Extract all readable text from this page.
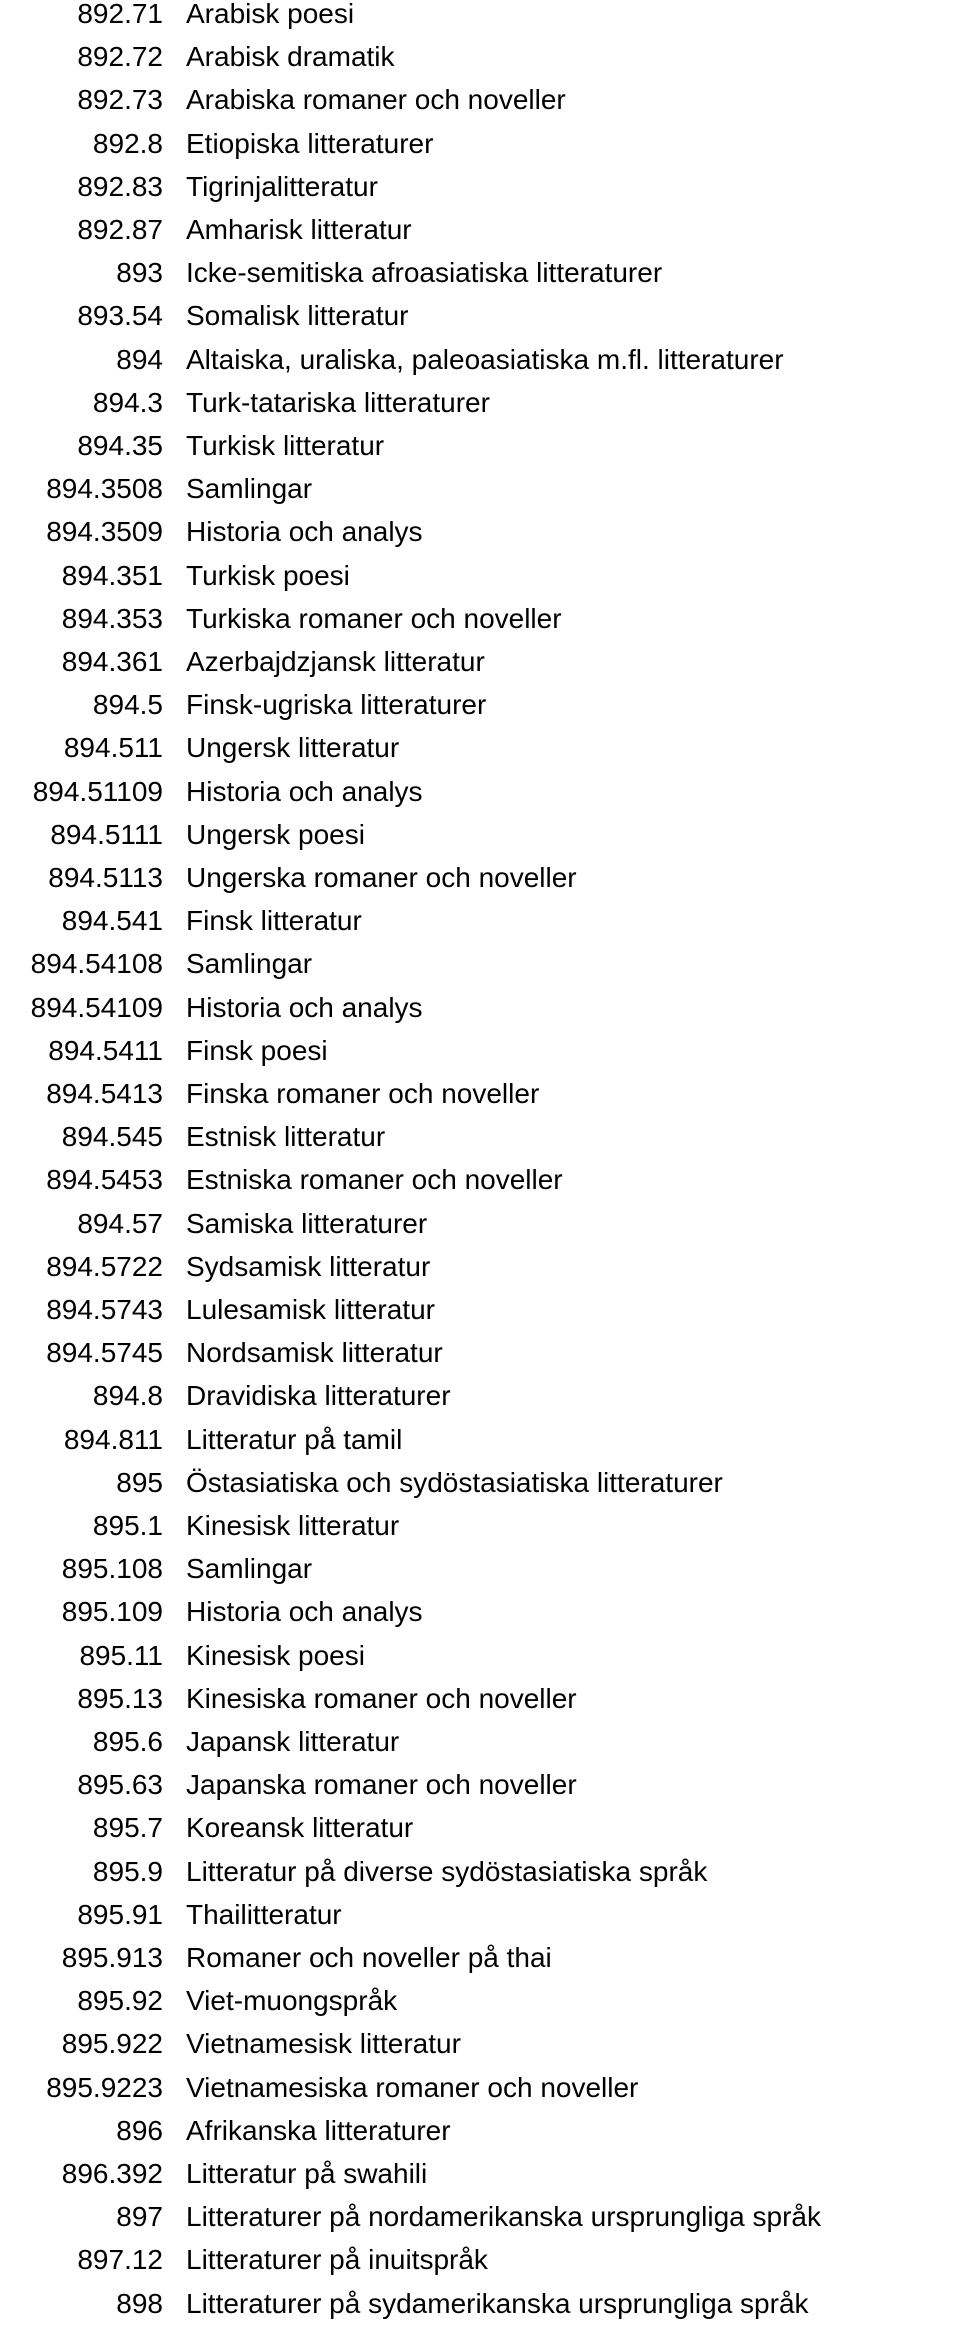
892.71 Arabisk poesi
892.72 Arabisk dramatik
892.73 Arabiska romaner och noveller
892.8 Etiopiska litteraturer
892.83 Tigrinjalitteratur
892.87 Amharisk litteratur
893 Icke-semitiska afroasiatiska litteraturer
893.54 Somalisk litteratur
894 Altaiska, uraliska, paleoasiatiska m.fl. litteraturer
894.3 Turk-tatariska litteraturer
894.35 Turkisk litteratur
894.3508 Samlingar
894.3509 Historia och analys
894.351 Turkisk poesi
894.353 Turkiska romaner och noveller
894.361 Azerbajdzjansk litteratur
894.5 Finsk-ugriska litteraturer
894.511 Ungersk litteratur
894.51109 Historia och analys
894.5111 Ungersk poesi
894.5113 Ungerska romaner och noveller
894.541 Finsk litteratur
894.54108 Samlingar
894.54109 Historia och analys
894.5411 Finsk poesi
894.5413 Finska romaner och noveller
894.545 Estnisk litteratur
894.5453 Estniska romaner och noveller
894.57 Samiska litteraturer
894.5722 Sydsamisk litteratur
894.5743 Lulesamisk litteratur
894.5745 Nordsamisk litteratur
894.8 Dravidiska litteraturer
894.811 Litteratur på tamil
895 Östasiatiska och sydöstasiatiska litteraturer
895.1 Kinesisk litteratur
895.108 Samlingar
895.109 Historia och analys
895.11 Kinesisk poesi
895.13 Kinesiska romaner och noveller
895.6 Japansk litteratur
895.63 Japanska romaner och noveller
895.7 Koreansk litteratur
895.9 Litteratur på diverse sydöstasiatiska språk
895.91 Thailitteratur
895.913 Romaner och noveller på thai
895.92 Viet-muongspråk
895.922 Vietnamesisk litteratur
895.9223 Vietnamesiska romaner och noveller
896 Afrikanska litteraturer
896.392 Litteratur på swahili
897 Litteraturer på nordamerikanska ursprungliga språk
897.12 Litteraturer på inuitspråk
898 Litteraturer på sydamerikanska ursprungliga språk
